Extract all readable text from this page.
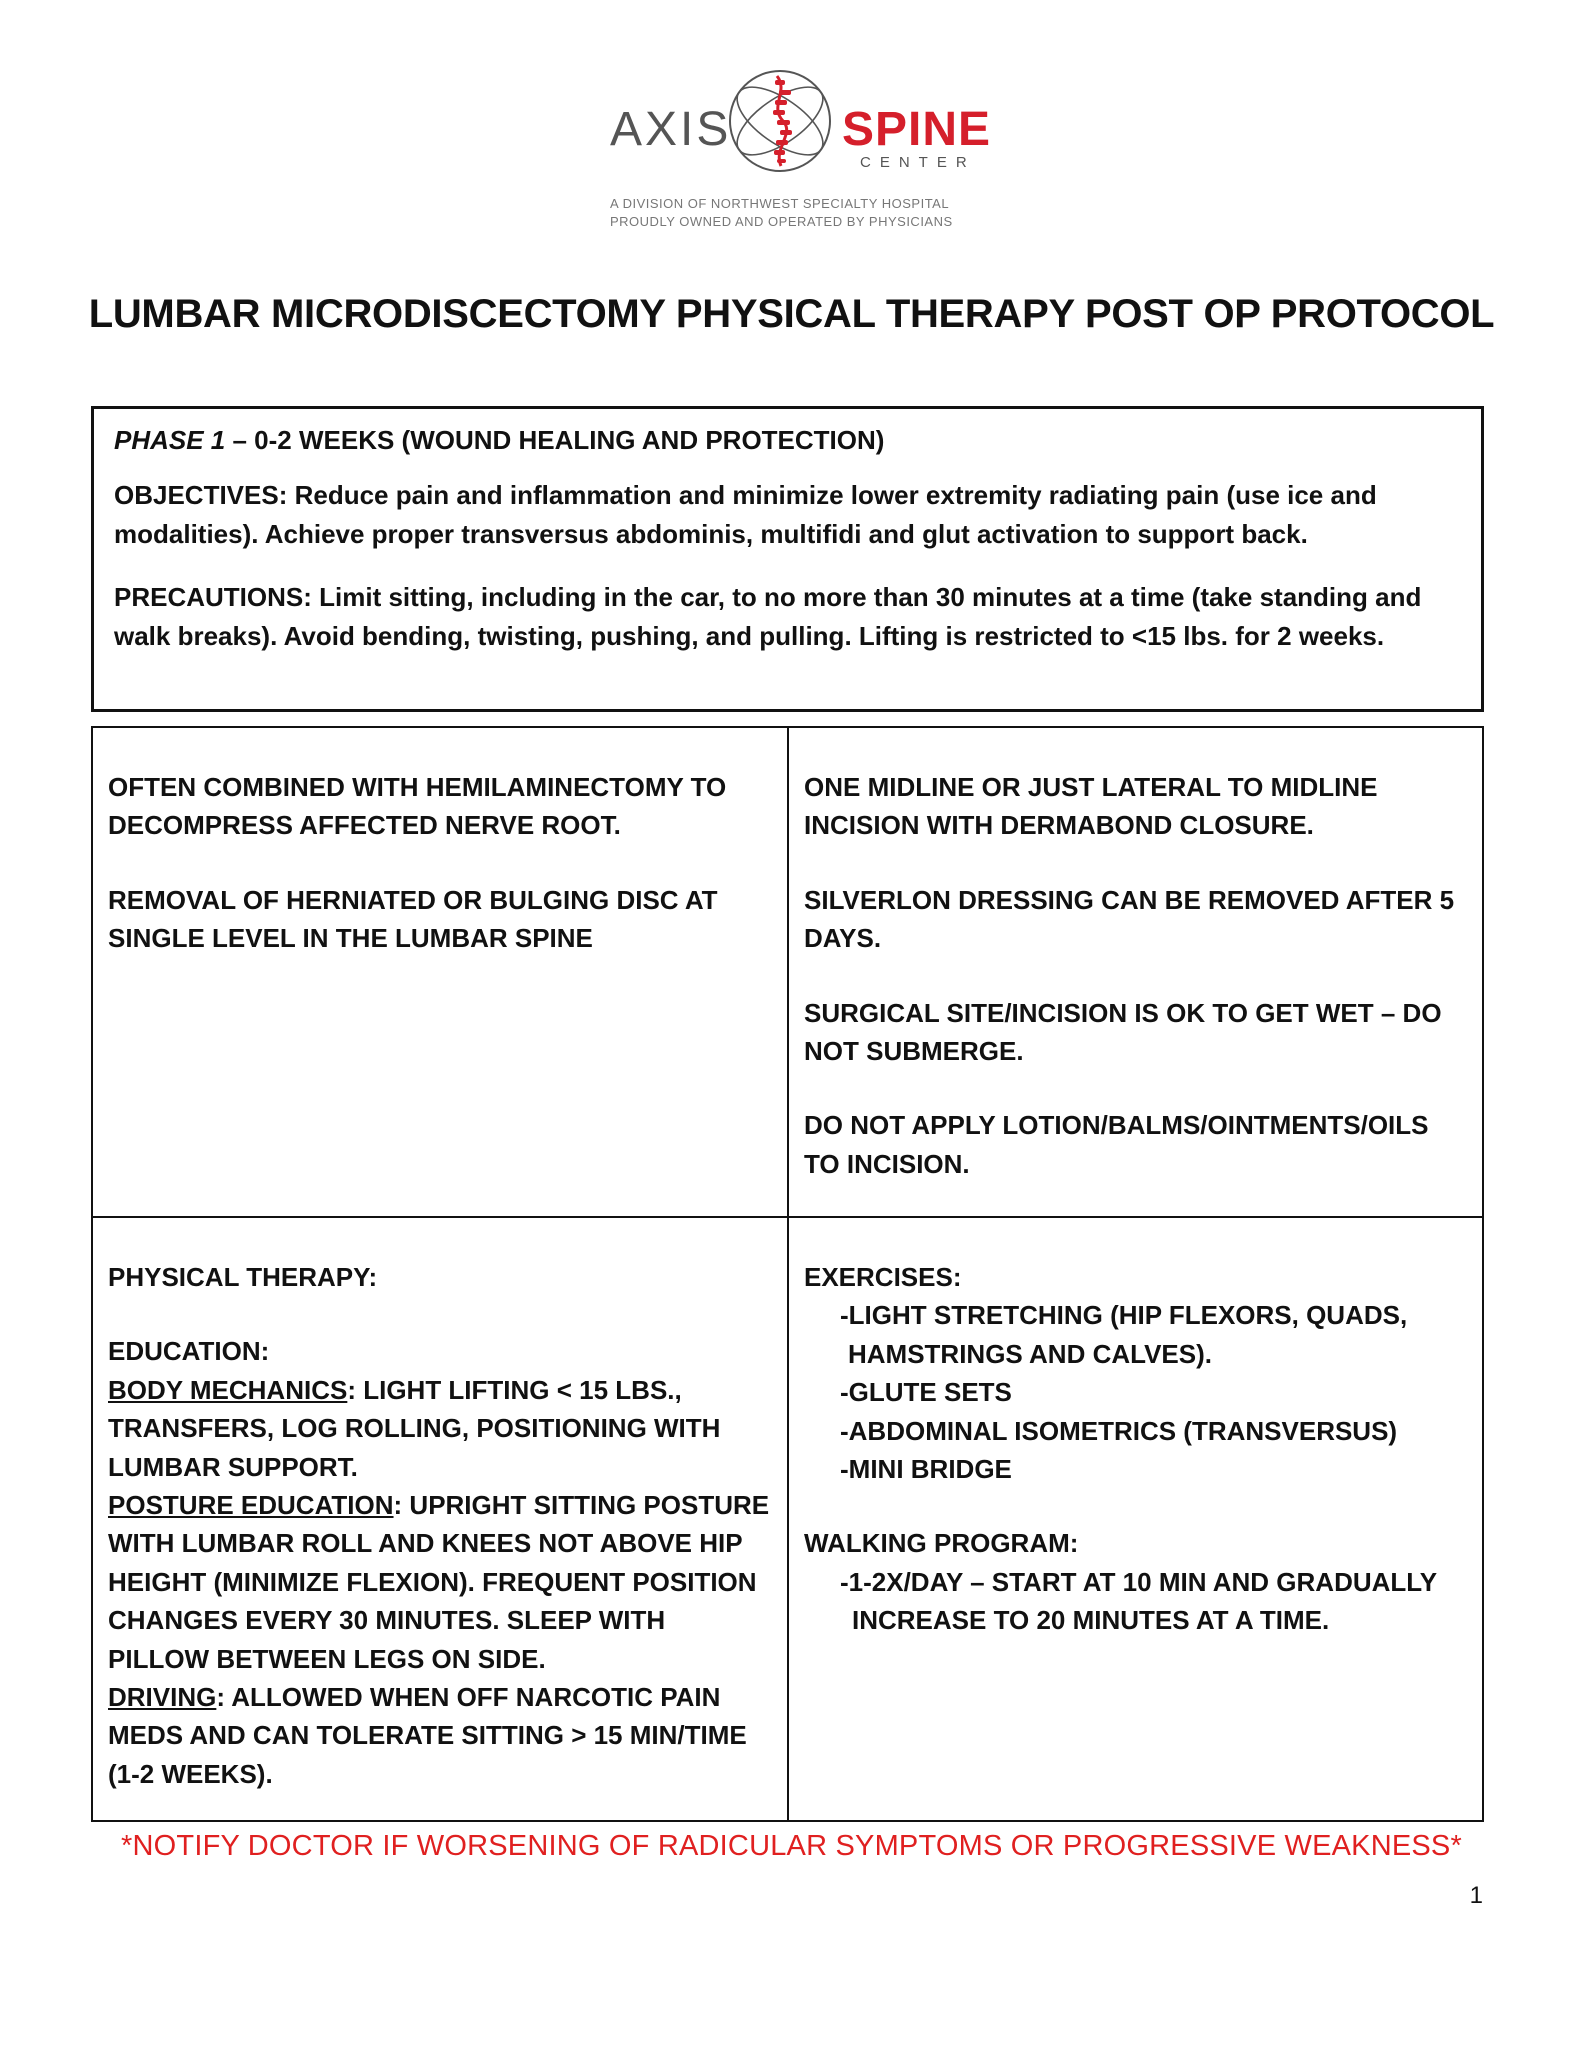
AXIS SPINE
CENTER
A DIVISION OF NORTHWEST SPECIALTY HOSPITAL
PROUDLY OWNED AND OPERATED BY PHYSICIANS
LUMBAR MICRODISCECTOMY PHYSICAL THERAPY POST OP PROTOCOL

PHASE 1 – 0-2 WEEKS (WOUND HEALING AND PROTECTION)

OBJECTIVES: Reduce pain and inflammation and minimize lower extremity radiating pain (use ice and modalities). Achieve proper transversus abdominis, multifidi and glut activation to support back.

PRECAUTIONS: Limit sitting, including in the car, to no more than 30 minutes at a time (take standing and walk breaks). Avoid bending, twisting, pushing, and pulling. Lifting is restricted to <15 lbs. for 2 weeks.

OFTEN COMBINED WITH HEMILAMINECTOMY TO DECOMPRESS AFFECTED NERVE ROOT.

REMOVAL OF HERNIATED OR BULGING DISC AT SINGLE LEVEL IN THE LUMBAR SPINE

ONE MIDLINE OR JUST LATERAL TO MIDLINE INCISION WITH DERMABOND CLOSURE.

SILVERLON DRESSING CAN BE REMOVED AFTER 5 DAYS.

SURGICAL SITE/INCISION IS OK TO GET WET – DO NOT SUBMERGE.

DO NOT APPLY LOTION/BALMS/OINTMENTS/OILS TO INCISION.

PHYSICAL THERAPY:

EDUCATION:

BODY MECHANICS: LIGHT LIFTING < 15 LBS., TRANSFERS, LOG ROLLING, POSITIONING WITH LUMBAR SUPPORT.

POSTURE EDUCATION: UPRIGHT SITTING POSTURE WITH LUMBAR ROLL AND KNEES NOT ABOVE HIP HEIGHT (MINIMIZE FLEXION). FREQUENT POSITION CHANGES EVERY 30 MINUTES. SLEEP WITH PILLOW BETWEEN LEGS ON SIDE.

DRIVING: ALLOWED WHEN OFF NARCOTIC PAIN MEDS AND CAN TOLERATE SITTING > 15 MIN/TIME (1-2 WEEKS).

EXERCISES:

-LIGHT STRETCHING (HIP FLEXORS, QUADS,

HAMSTRINGS AND CALVES).

-GLUTE SETS

-ABDOMINAL ISOMETRICS (TRANSVERSUS)

-MINI BRIDGE

WALKING PROGRAM:

-1-2X/DAY – START AT 10 MIN AND GRADUALLY

INCREASE TO 20 MINUTES AT A TIME.

*NOTIFY DOCTOR IF WORSENING OF RADICULAR SYMPTOMS OR PROGRESSIVE WEAKNESS*
1
